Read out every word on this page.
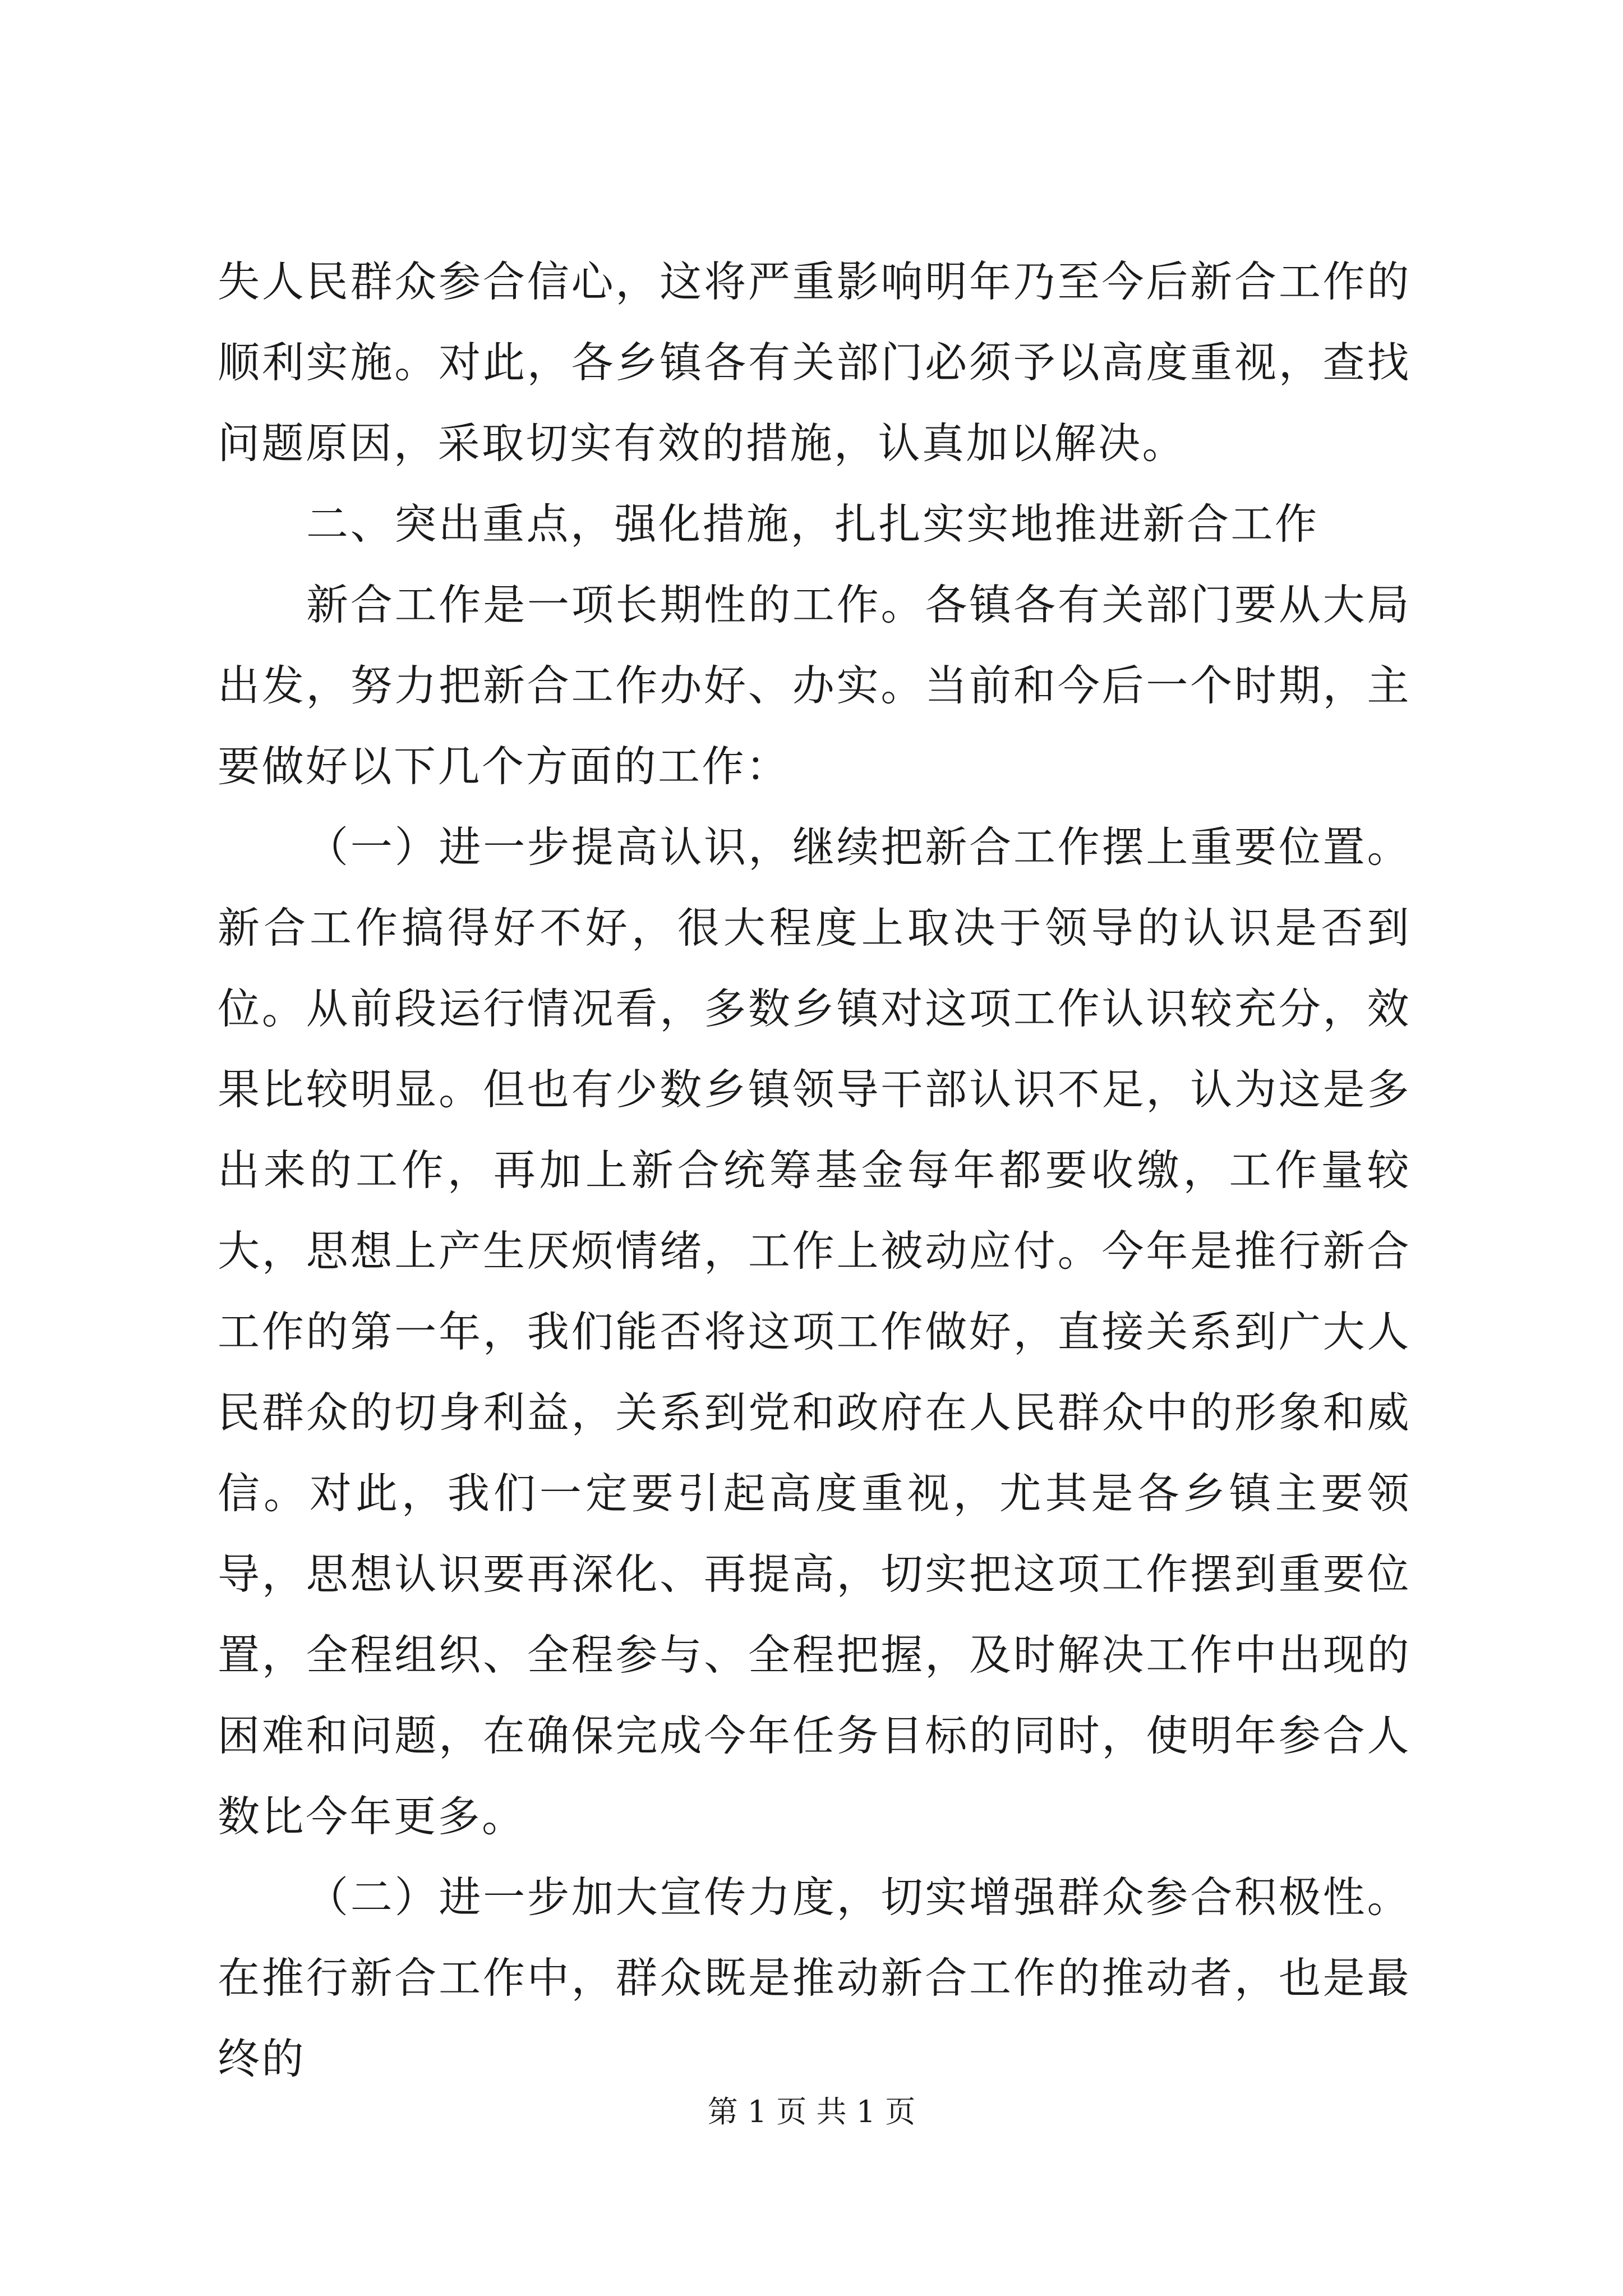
失人民群众参合信心，这将严重影响明年乃至今后新合工作的顺利实施。对此，各乡镇各有关部门必须予以高度重视，查找问题原因，采取切实有效的措施，认真加以解决。

二、突出重点，强化措施，扎扎实实地推进新合工作

新合工作是一项长期性的工作。各镇各有关部门要从大局出发，努力把新合工作办好、办实。当前和今后一个时期，主要做好以下几个方面的工作：

（一）进一步提高认识，继续把新合工作摆上重要位置。新合工作搞得好不好，很大程度上取决于领导的认识是否到位。从前段运行情况看，多数乡镇对这项工作认识较充分，效果比较明显。但也有少数乡镇领导干部认识不足，认为这是多出来的工作，再加上新合统筹基金每年都要收缴，工作量较大，思想上产生厌烦情绪，工作上被动应付。今年是推行新合工作的第一年，我们能否将这项工作做好，直接关系到广大人民群众的切身利益，关系到党和政府在人民群众中的形象和威信。对此，我们一定要引起高度重视，尤其是各乡镇主要领导，思想认识要再深化、再提高，切实把这项工作摆到重要位置，全程组织、全程参与、全程把握，及时解决工作中出现的困难和问题，在确保完成今年任务目标的同时，使明年参合人数比今年更多。

（二）进一步加大宣传力度，切实增强群众参合积极性。在推行新合工作中，群众既是推动新合工作的推动者，也是最终的

第 1 页 共 1 页
